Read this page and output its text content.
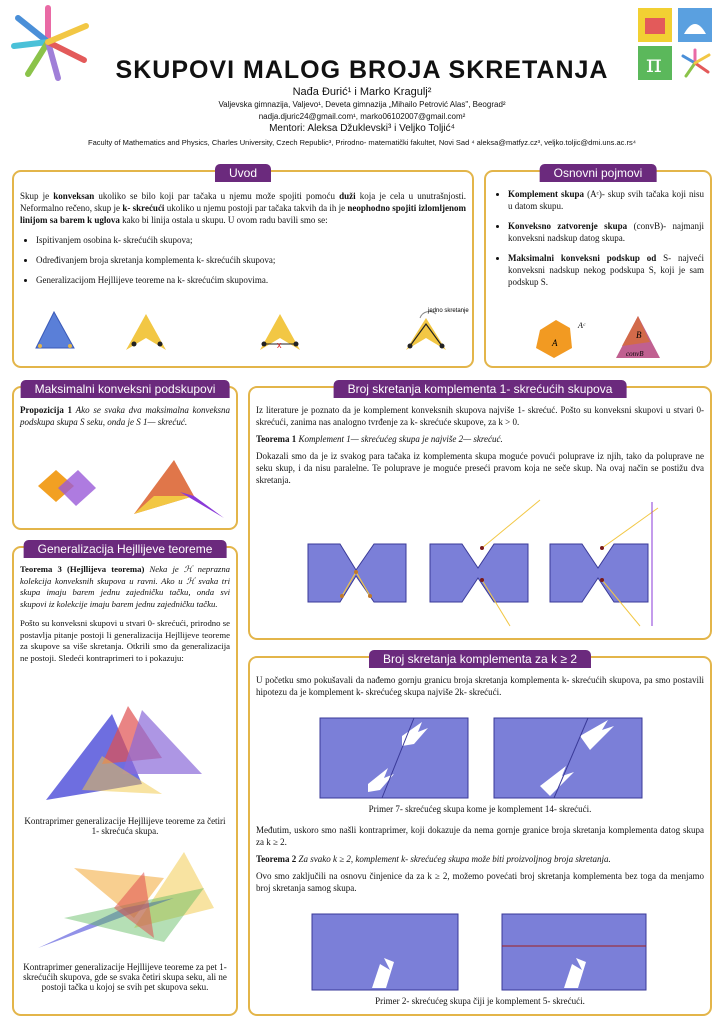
π
SKUPOVI MALOG BROJA SKRETANJA
Nađa Đurić¹ i Marko Kragulj²
Valjevska gimnazija, Valjevo¹, Deveta gimnazija „Mihailo Petrović Alas", Beograd²
nadja.djuric24@gmail.com¹, marko06102007@gmail.com²
Mentori: Aleksa Džuklevski³ i Veljko Toljić⁴
Faculty of Mathematics and Physics, Charles University, Czech Republic³, Prirodno- matematički fakultet, Novi Sad ⁴ aleksa@matfyz.cz³, veljko.toljic@dmi.uns.ac.rs⁴
Uvod

Skup je konveksan ukoliko se bilo koji par tačaka u njemu može spojiti pomoću duži koja je cela u unutrašnjosti. Neformalno rečeno, skup je k- skrećući ukoliko u njemu postoji par tačaka takvih da ih je neophodno spojiti izlomljenom linijom sa barem k uglova kako bi linija ostala u skupu. U ovom radu bavili smo se:

• Ispitivanjem osobina k- skrećućih skupova;
• Određivanjem broja skretanja komplementa k- skrećućih skupova;
• Generalizacijom Hejllijeve teoreme na k- skrećućim skupovima.
x
jedno skretanje
Osnovni pojmovi
• Komplement skupa (Aᶜ)- skup svih tačaka koji nisu u datom skupu.
• Konveksno zatvorenje skupa (convB)- najmanji konveksni nadskup datog skupa.
• Maksimalni konveksni podskup od S- najveći konveksni nadskup nekog podskupa S, koji je sam podskup S.
A
Aᶜ
B
convB
Maksimalni konveksni podskupovi

Propozicija 1 Ako se svaka dva maksimalna konveksna podskupa skupa S seku, onda je S 1— skrećuć.

Generalizacija Hejllijeve teoreme

Teorema 3 (Hejllijeva teorema) Neka je ℋ neprazna kolekcija konveksnih skupova u ravni. Ako u ℋ svaka tri skupa imaju barem jednu zajedničku tačku, onda svi skupovi iz kolekcije imaju barem jednu zajedničku tačku.

Pošto su konveksni skupovi u stvari 0- skrećući, prirodno se postavlja pitanje postoji li generalizacija Hejllijeve teoreme za skupove sa više skretanja. Otkrili smo da generalizacija ne postoji. Sledeći kontraprimeri to i pokazuju:

Kontraprimer generalizacije Hejllijeve teoreme za četiri 1- skrećuća skupa.
Kontraprimer generalizacije Hejllijeve teoreme za pet 1- skrećućih skupova, gde se svaka četiri skupa seku, ali ne postoji tačka u kojoj se svih pet skupova seku.
Broj skretanja komplementa 1- skrećućih skupova

Iz literature je poznato da je komplement konveksnih skupova najviše 1- skrećuć. Pošto su konveksni skupovi u stvari 0- skrećući, zanima nas analogno tvrđenje za k- skrećuće skupove, za k > 0.

Teorema 1 Komplement 1— skrećućeg skupa je najviše 2— skrećuć.

Dokazali smo da je iz svakog para tačaka iz komplementa skupa moguće povući polupravе iz njih, tako da polupravе ne seku skup, i da nisu paralelne. Te polupravе je moguće preseći pravom koja ne seče skup. Na ovaj način se postižu dva skretanja.

Broj skretanja komplementa za k ≥ 2

U početku smo pokušavali da nađemo gornju granicu broja skretanja komplementa k- skrećućih skupova, pa smo postavili hipotezu da je komplement k- skrećućeg skupa najviše 2k- skrećući.

Primer 7- skrećućeg skupa kome je komplement 14- skrećući.

Međutim, uskoro smo našli kontraprimer, koji dokazuje da nema gornje granice broja skretanja komplementa datog skupa za k ≥ 2.

Teorema 2 Za svako k ≥ 2, komplement k- skrećućeg skupa može biti proizvoljnog broja skretanja.

Ovo smo zaključili na osnovu činjenice da za k ≥ 2, možemo povećati broj skretanja komplementa bez toga da menjamo broj skretanja samog skupa.

Primer 2- skrećućeg skupa čiji je komplement 5- skrećući.
